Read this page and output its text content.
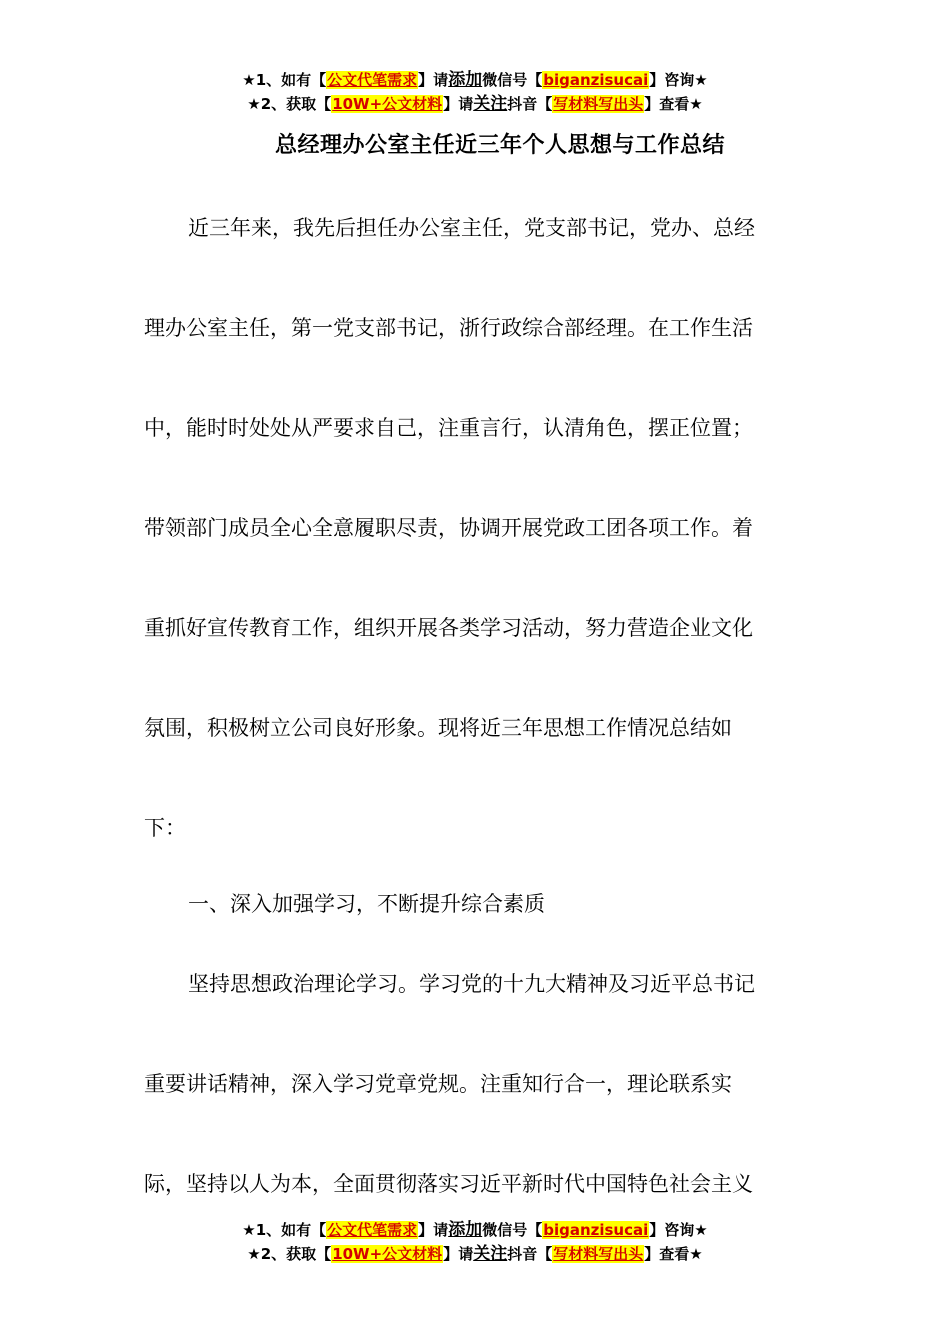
★1、如有【公文代笔需求】请添加微信号【biganzisucai】咨询★
★2、获取【10W+公文材料】请关注抖音【写材料写出头】查看★
总经理办公室主任近三年个人思想与工作总结
近三年来，我先后担任办公室主任，党支部书记，党办、总经
理办公室主任，第一党支部书记，浙行政综合部经理。在工作生活
中，能时时处处从严要求自己，注重言行，认清角色，摆正位置；
带领部门成员全心全意履职尽责，协调开展党政工团各项工作。着
重抓好宣传教育工作，组织开展各类学习活动，努力营造企业文化
氛围，积极树立公司良好形象。现将近三年思想工作情况总结如
下：
一、深入加强学习，不断提升综合素质
坚持思想政治理论学习。学习党的十九大精神及习近平总书记
重要讲话精神，深入学习党章党规。注重知行合一，理论联系实
际，坚持以人为本，全面贯彻落实习近平新时代中国特色社会主义
★1、如有【公文代笔需求】请添加微信号【biganzisucai】咨询★
★2、获取【10W+公文材料】请关注抖音【写材料写出头】查看★
